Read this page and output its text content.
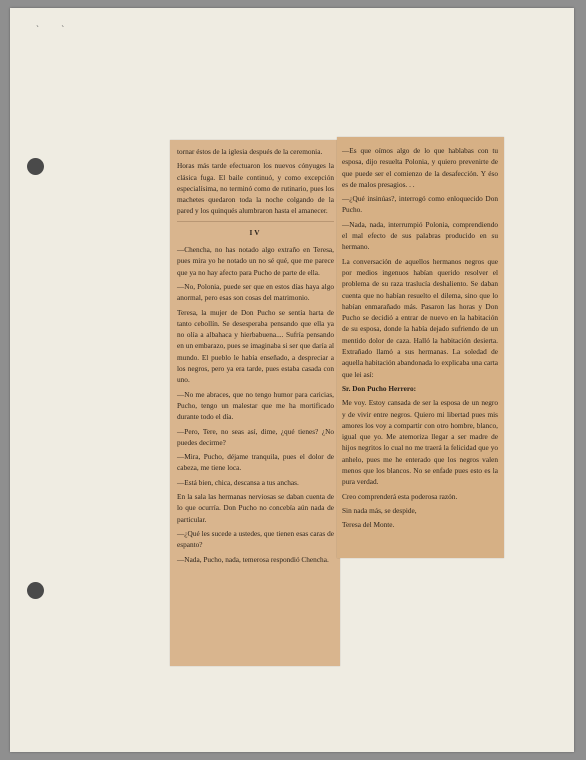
˴ ˴

tornar éstos de la iglesia después de la ceremonia.

Horas más tarde efectuaron los nuevos cónyuges la clásica fuga. El baile continuó, y como excepción especialísima, no terminó como de rutinario, pues los machetes quedaron toda la noche colgando de la pared y los quinqués alumbraron hasta el amanecer.

IV

—Chencha, no has notado algo extraño en Teresa, pues mira yo he notado un no sé qué, que me parece que ya no hay afecto para Pucho de parte de ella.

—No, Polonia, puede ser que en estos días haya algo anormal, pero esas son cosas del matrimonio.

Teresa, la mujer de Don Pucho se sentía harta de tanto cebollín. Se desesperaba pensando que ella ya no olía a albahaca y hierbabuena.... Sufría pensando en un embarazo, pues se imaginaba si ser que daría al mundo. El pueblo le había enseñado, a despreciar a los negros, pero ya era tarde, pues estaba casada con uno.

—No me abraces, que no tengo humor para caricias, Pucho, tengo un malestar que me ha mortificado durante todo el día.

—Pero, Tere, no seas así, dime, ¿qué tienes? ¿No puedes decirme?

—Mira, Pucho, déjame tranquila, pues el dolor de cabeza, me tiene loca.

—Está bien, chica, descansa a tus anchas.

En la sala las hermanas nerviosas se daban cuenta de lo que ocurría. Don Pucho no concebía aún nada de particular.

—¿Qué les sucede a ustedes, que tienen esas caras de espanto?

—Nada, Pucho, nada, temerosa respondió Chencha.

—Es que oímos algo de lo que hablabas con tu esposa, dijo resuelta Polonia, y quiero prevenirte de que puede ser el comienzo de la desafección. Y éso es de malos presagios. . .

—¿Qué insinúas?, interrogó como enloquecido Don Pucho.

—Nada, nada, interrumpió Polonia, comprendiendo el mal efecto de sus palabras producido en su hermano.

La conversación de aquellos hermanos negros que por medios ingenuos habían querido resolver el problema de su raza traslucía deshaliento. Se daban cuenta que no habían resuelto el dilema, sino que lo habían enmarañado más. Pasaron las horas y Don Pucho se decidió a entrar de nuevo en la habitación de su esposa, donde la había dejado sufriendo de un mentido dolor de caza. Halló la habitación desierta. Extrañado llamó a sus hermanas. La soledad de aquella habitación abandonada lo explicaba una carta que lei así:

Sr. Don Pucho Herrero:

Me voy. Estoy cansada de ser la esposa de un negro y de vivir entre negros. Quiero mi libertad pues mis amores los voy a compartir con otro hombre, blanco, igual que yo. Me atemoriza llegar a ser madre de hijos negritos lo cual no me traerá la felicidad que yo anhelo, pues me he enterado que los negros valen menos que los blancos. No se enfade pues esto es la pura verdad.

Creo comprenderá esta poderosa razón.

Sin nada más, se despide,

Teresa del Monte.
